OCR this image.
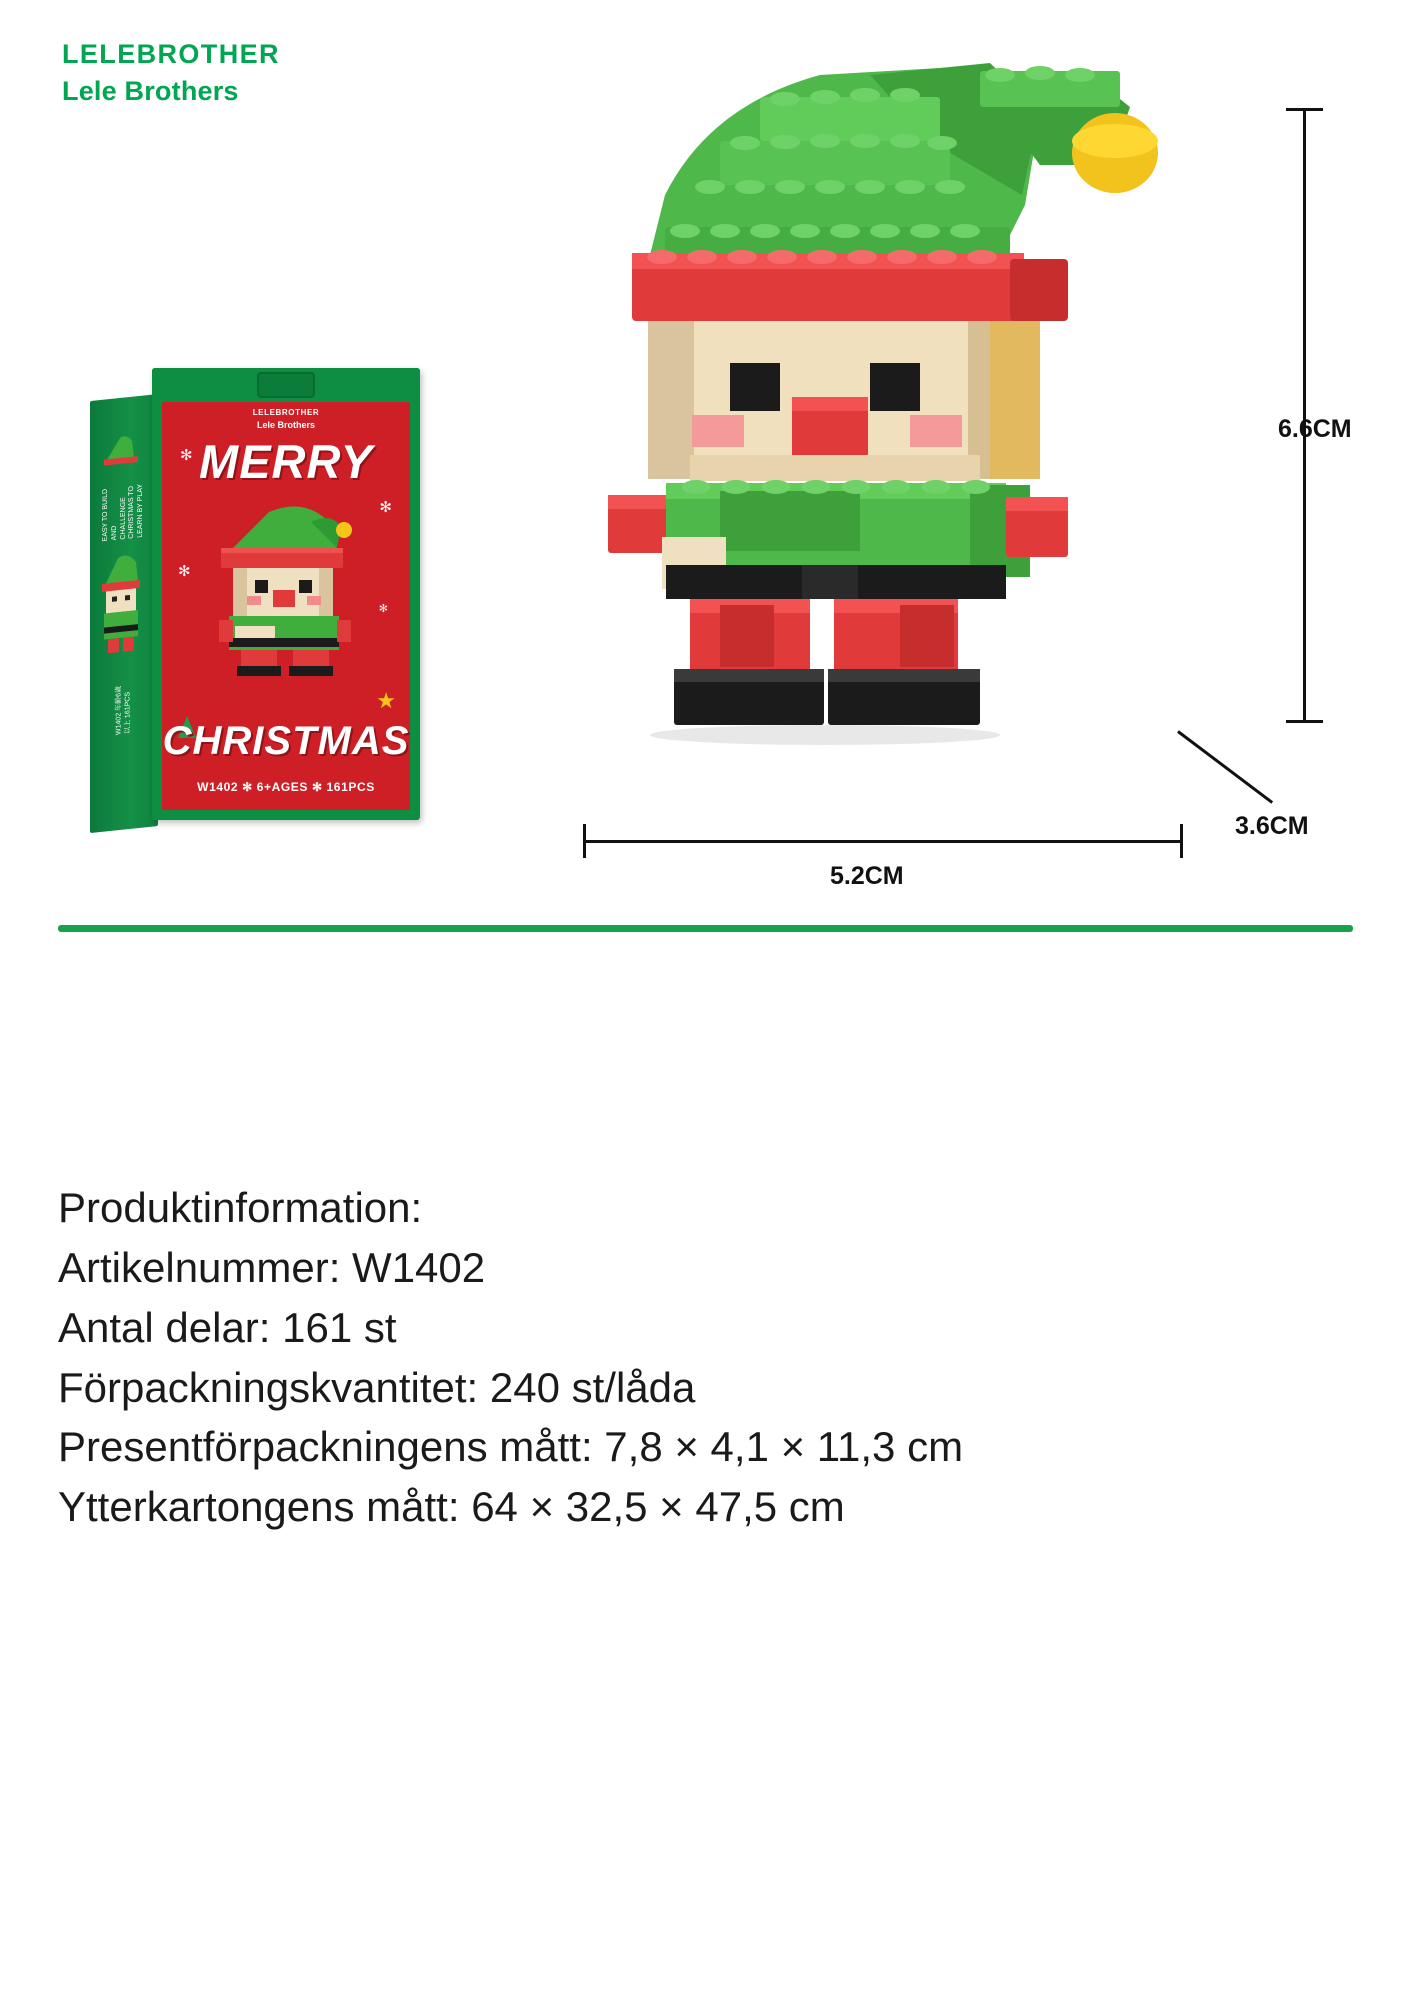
LELEBROTHER
Lele Brothers
EASY TO BUILD AND CHALLENGE CHRISTMAS TO LEARN BY PLAY
W1402 年齢6歳以上 161PCS
LELEBROTHER
Lele Brothers
MERRY
✻
✻
✻
✻
★
CHRISTMAS
W1402 ✻ 6+AGES ✻ 161PCS
6.6CM
5.2CM
3.6CM

Produktinformation:

Artikelnummer: W1402

Antal delar: 161 st

Förpackningskvantitet: 240 st/låda

Presentförpackningens mått: 7,8 × 4,1 × 11,3 cm

Ytterkartongens mått: 64 × 32,5 × 47,5 cm
